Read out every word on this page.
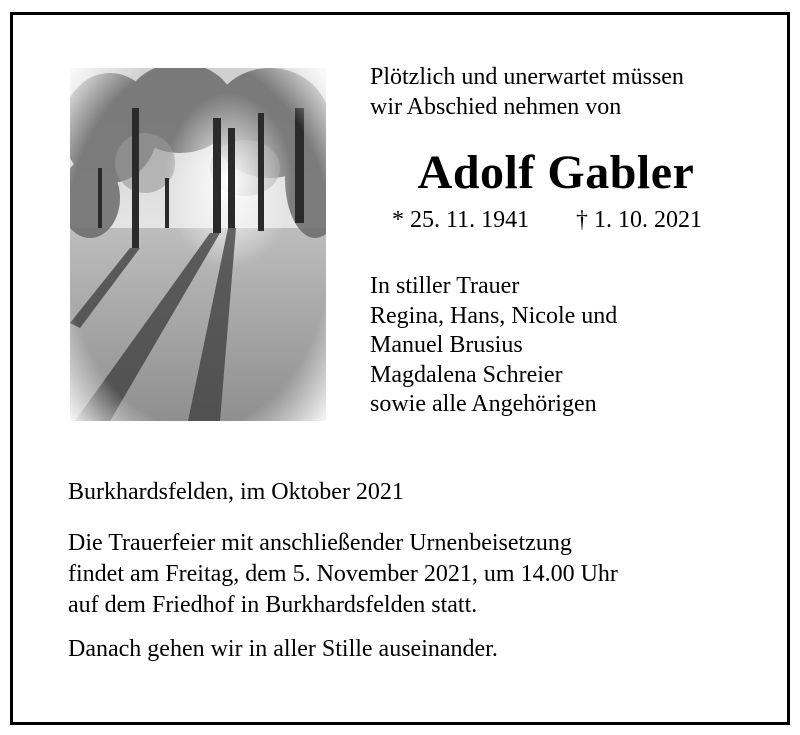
Plötzlich und unerwartet müssen
wir Abschied nehmen von
Adolf Gabler
* 25. 11. 1941 † 1. 10. 2021
In stiller Trauer
Regina, Hans, Nicole und
Manuel Brusius
Magdalena Schreier
sowie alle Angehörigen
Burkhardsfelden, im Oktober 2021
Die Trauerfeier mit anschließender Urnenbeisetzung
findet am Freitag, dem 5. November 2021, um 14.00 Uhr
auf dem Friedhof in Burkhardsfelden statt.
Danach gehen wir in aller Stille auseinander.
